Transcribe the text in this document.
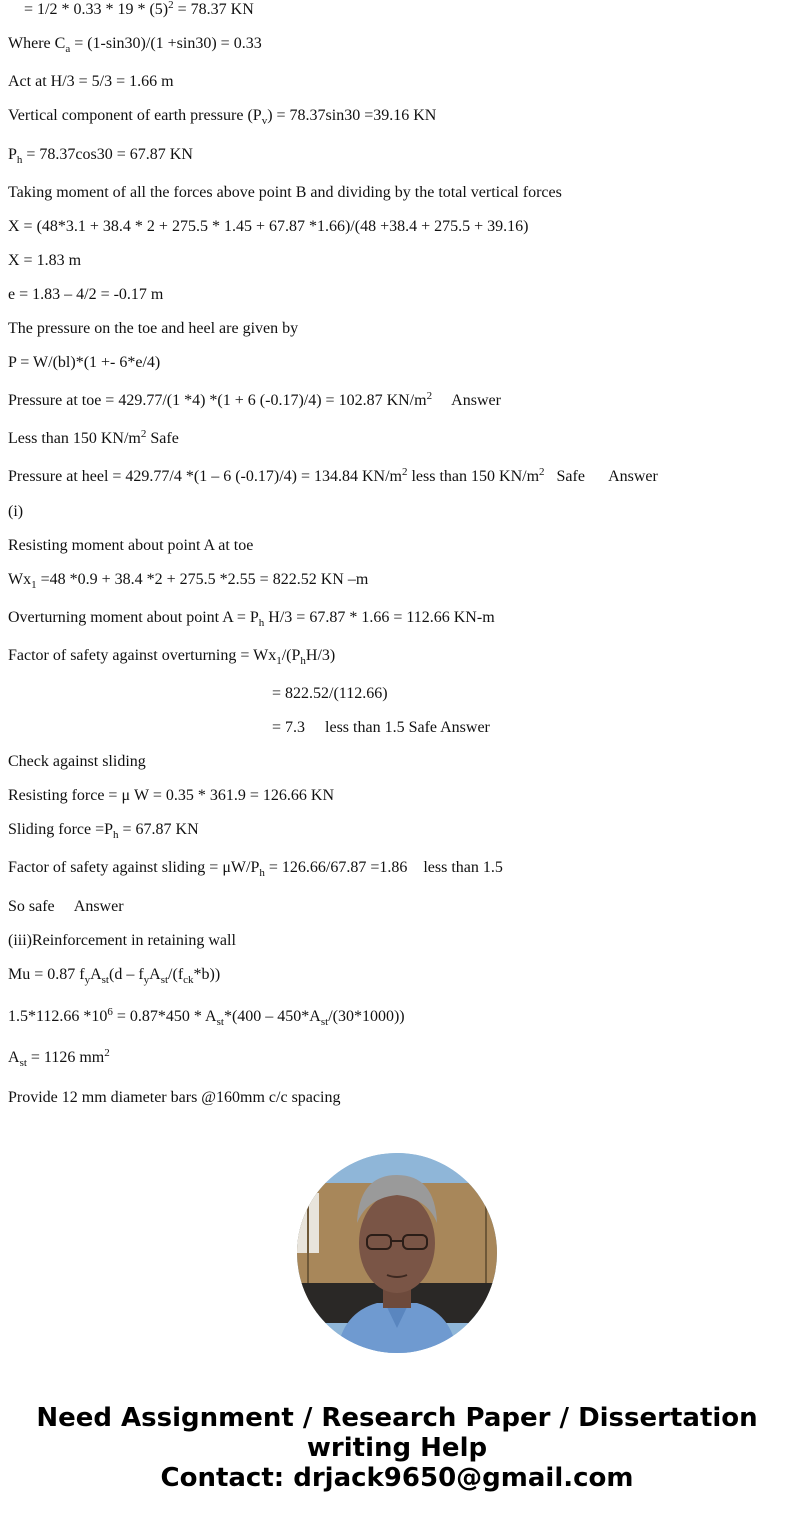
= $1/2 * 0.33 * 19 * (5)^2 = 78.37$ KN
Where $C_a = (1-\sin 30)/(1 +\sin 30) = 0.33$
Act at H/3 = 5/3 = 1.66 m
Vertical component of earth pressure $(P_v) = 78.37\sin 30 =39.16$ KN
$P_h = 78.37\cos 30 = 67.87$ KN
Taking moment of all the forces above point B and dividing by the total vertical forces
X = (48*3.1 + 38.4 * 2 + 275.5 * 1.45 + 67.87 *1.66)/(48 +38.4 + 275.5 + 39.16)
X = 1.83 m
e = 1.83 – 4/2 = -0.17 m
The pressure on the toe and heel are given by
P = W/(bl)*(1 +- 6*e/4)
Pressure at toe = 429.77/(1 *4) *(1 + 6 (-0.17)/4) = 102.87 $KN/m^2$     Answer
Less than 150 $KN/m^2$ Safe
Pressure at heel = 429.77/4 *(1 – 6 (-0.17)/4) = 134.84 $KN/m^2$ less than 150 $KN/m^2$   Safe      Answer
(i)
Resisting moment about point A at toe
$Wx_1 =48$ *0.9 + 38.4 *2 + 275.5 *2.55 = 822.52 KN –m
Overturning moment about point $A = P_h$ H/3 = 67.87 * 1.66 = 112.66 KN-m
Factor of safety against overturning = $Wx_1/(P_hH/3)$
= 822.52/(112.66)
= 7.3     less than 1.5 Safe Answer
Check against sliding
Resisting force = μ W = 0.35 * 361.9 = 126.66 KN
Sliding force $=P_h = 67.87$ KN
Factor of safety against sliding = $\mu W/P_h = 126.66/67.87 =1.86$    less than 1.5
So safe     Answer
(iii)Reinforcement in retaining wall
Mu = 0.87 $f_yA_{st}(d - f_yA_{st}/(f_{ck}*b))$
1.5*112.66 $*10^6 = 0.87*450 * A_{st}*(400 - 450*A_{st}/(30*1000))$
$A_{st} = 1126$ $mm^2$
Provide 12 mm diameter bars @160mm c/c spacing
Need Assignment / Research Paper / Dissertation
writing Help
Contact: drjack9650@gmail.com
